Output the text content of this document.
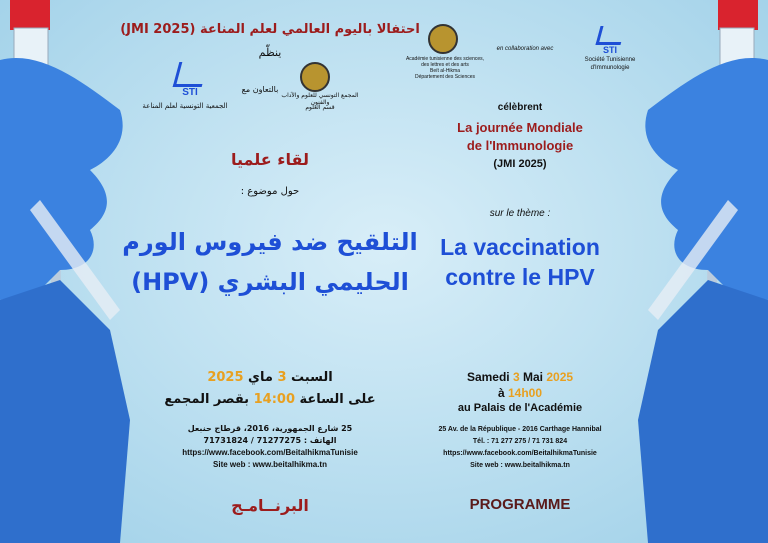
احتفالا باليوم العالمي لعلم المناعة (JMI 2025)
ينظّم
STI
الجمعية التونسية لعلم المناعة
بالتعاون مع
المجمع التونسي للعلوم والآداب والفنون
قسم العلوم
لقاء علميا
حول موضوع :
التلقيح ضد فيروس الورم
الحليمي البشري (HPV)
السبت 3 ماي 2025
على الساعة 14:00 بقصر المجمع
25 شارع الجمهورية، 2016، قرطاج حنبعل
الهاتف : 71277275 / 71731824
https://www.facebook.com/BeitalhikmaTunisie
Site web : www.beitalhikma.tn
البرنــامـج
Académie tunisienne des sciences,
des lettres et des arts
Beït al-Hikma
Département des Sciences
en collaboration avec	STI
Société Tunisienne
d'Immunologie
célèbrent
La journée Mondiale
de l'Immunologie
(JMI 2025)
sur le thème :
La vaccination
contre le HPV
Samedi 3 Mai 2025
à 14h00
au Palais de l'Académie
25 Av. de la République - 2016 Carthage Hannibal
Tél. : 71 277 275 / 71 731 824
https://www.facebook.com/BeitalhikmaTunisie
Site web : www.beitalhikma.tn
PROGRAMME
